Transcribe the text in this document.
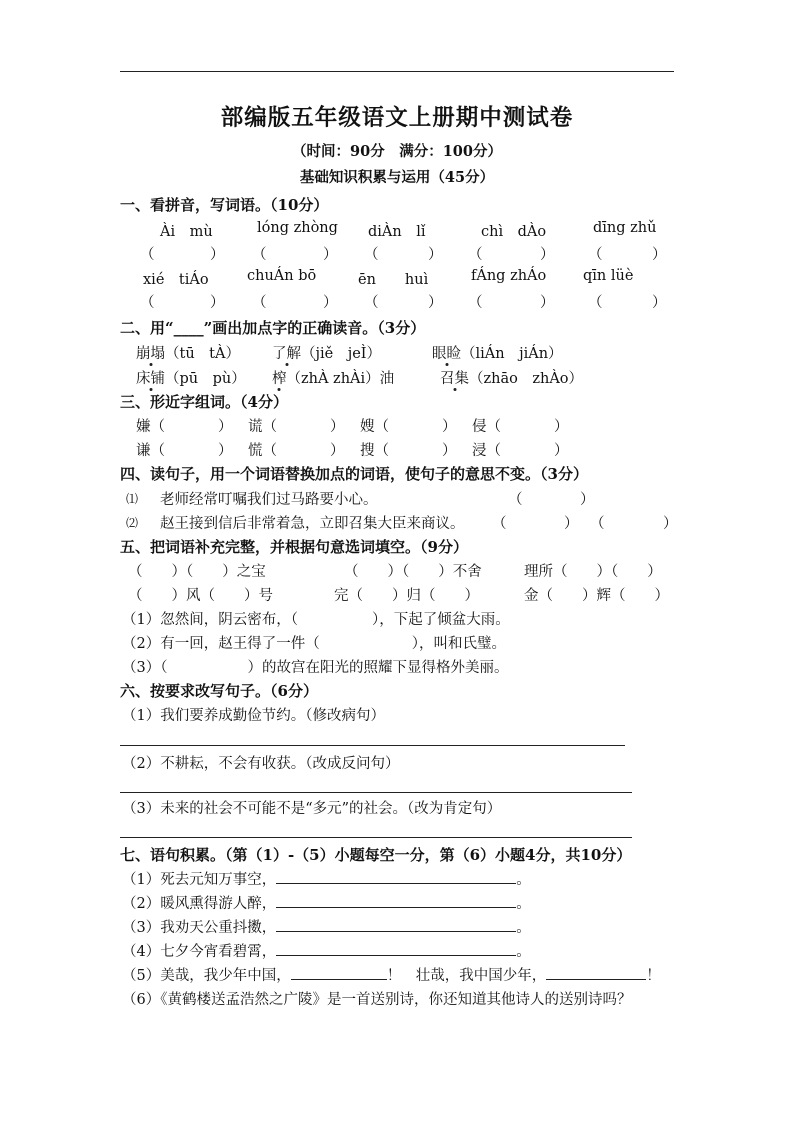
部编版五年级语文上册期中测试卷
（时间：90分　满分：100分）
基础知识积累与运用（45分）
一、看拼音，写词语。（10分）
Ài　mù	lóng zhòng diÀn　lǐ	chì　dÀo	dīng zhǔ
（	） （	） （	） （	） （	）
xié　tiÁo	chuÁn bō	ēn　　huì	fÁng zhÁo	qīn lüè
（	） （	） （	） （	） （	）
二、用“____”画出加点字的正确读音。（3分）
崩塌（tū　tÀ） 了解（jiě　jeÌ）	眼睑（liÁn　jiÁn）
床铺（pū　pù） 榨（zhÀ zhÀi）油	召集（zhāo　zhÀo）
三、形近字组词。（4分）
嫌（	） 谎（	） 嫂（	） 侵（	）
谦（	） 慌（	） 搜（	） 浸（	）
四、读句子，用一个词语替换加点的词语，使句子的意思不变。（3分）
⑴ 老师经常叮嘱我们过马路要小心。	（	）
⑵ 赵王接到信后非常着急，立即召集大臣来商议。 （	） （	）
五、把词语补充完整，并根据句意选词填空。（9分）
（　　）（　　）之宝	（　　）（　　）不舍	理所（　　）（　　）
（　　）风（　　）号	完（　　）归（　　）	金（　　）辉（　　）
（1）忽然间，阴云密布，（	），下起了倾盆大雨。
（2）有一回，赵王得了一件（	），叫和氏璧。
（3）（	）的故宫在阳光的照耀下显得格外美丽。
六、按要求改写句子。（6分）
（1）我们要养成勤俭节约。（修改病句）
（2）不耕耘，不会有收获。（改成反问句）
（3）未来的社会不可能不是“多元”的社会。（改为肯定句）
七、语句积累。（第（1）-（5）小题每空一分，第（6）小题4分，共10分）
（1）死去元知万事空，	。
（2）暖风熏得游人醉，	。
（3）我劝天公重抖擞，	。
（4）七夕今宵看碧霄，	。
（5）美哉，我少年中国，	！　壮哉，我中国少年，	！
（6）《黄鹤楼送孟浩然之广陵》是一首送别诗，你还知道其他诗人的送别诗吗？
